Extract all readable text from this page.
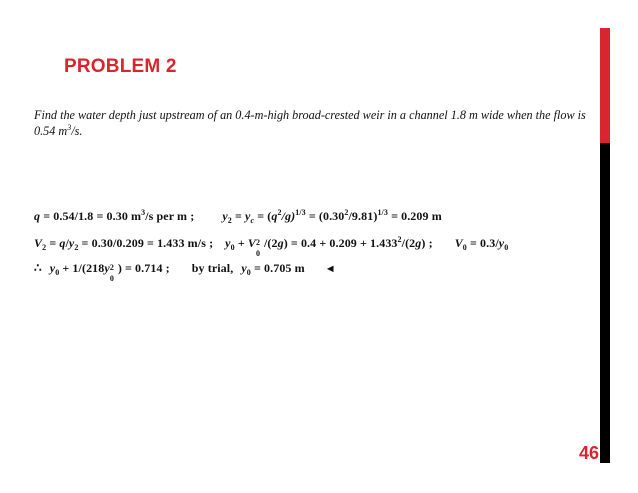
PROBLEM 2
Find the water depth just upstream of an 0.4-m-high broad-crested weir in a channel 1.8 m wide when the flow is 0.54 $m^3/s$.
q = 0.54/1.8 = 0.30 $m^3/s$ per m ; $y_2 = y_c = (q^2/g)^{1/3} = (0.30^2/9.81)^{1/3} = 0.209$ m
$V_2 = q/y_2 = 0.30/0.209 = 1.433$ m/s ; $y_0 + V$ 2
0
$/(2g) = 0.4 + 0.209 + 1.433^2/(2g)$ ; $V_0 = 0.3/y_0$
∴ $y_0 + 1/(218y$ 2
0
) = 0.714 ; by trial, $y_0 = 0.705$ m ◄
46
